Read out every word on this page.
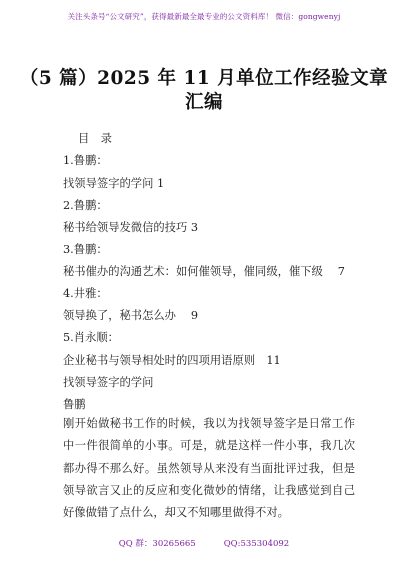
关注头条号“公文研究”，获得最新最全最专业的公文资料库！ 微信：gongwenyj
（5 篇）2025 年 11 月单位工作经验文章
汇编
目　录
1.鲁鹏：
找领导签字的学问 1
2.鲁鹏：
秘书给领导发微信的技巧 3
3.鲁鹏：
秘书催办的沟通艺术：如何催领导，催同级，催下级　 7
4.井雅：
领导换了，秘书怎么办　 9
5.肖永顺：
企业秘书与领导相处时的四项用语原则　11
找领导签字的学问
鲁鹏
刚开始做秘书工作的时候，我以为找领导签字是日常工作中一件很简单的小事。可是，就是这样一件小事，我几次都办得不那么好。虽然领导从来没有当面批评过我，但是领导欲言又止的反应和变化微妙的情绪，让我感觉到自己好像做错了点什么，却又不知哪里做得不对。
QQ 群：30265665	QQ:535304092
